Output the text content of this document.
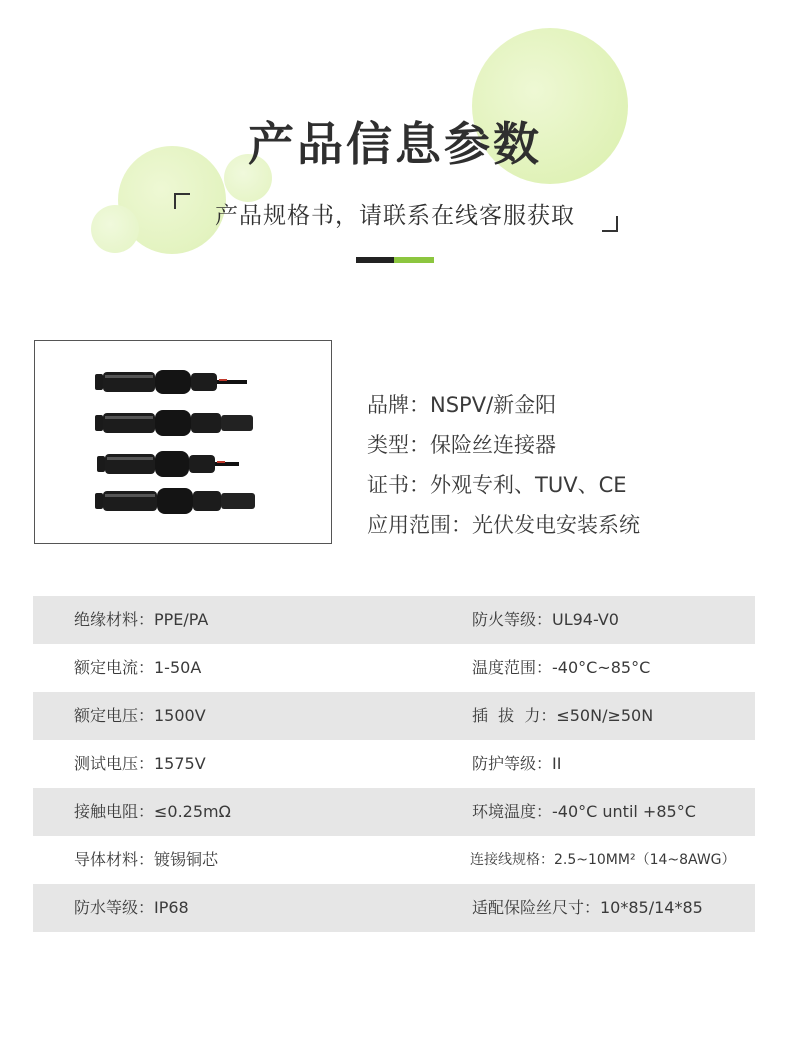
产品信息参数
产品规格书，请联系在线客服获取
品牌：NSPV/新金阳
类型：保险丝连接器
证书：外观专利、TUV、CE
应用范围：光伏发电安装系统
绝缘材料：PPE/PA	防火等级：UL94-V0
额定电流：1-50A	温度范围：-40°C~85°C
额定电压：1500V	插  拔  力：≤50N/≥50N
测试电压：1575V	防护等级：II
接触电阻：≤0.25mΩ	环境温度：-40°C until +85°C
导体材料：镀锡铜芯	连接线规格：2.5~10MM²（14~8AWG）
防水等级：IP68	适配保险丝尺寸：10*85/14*85
